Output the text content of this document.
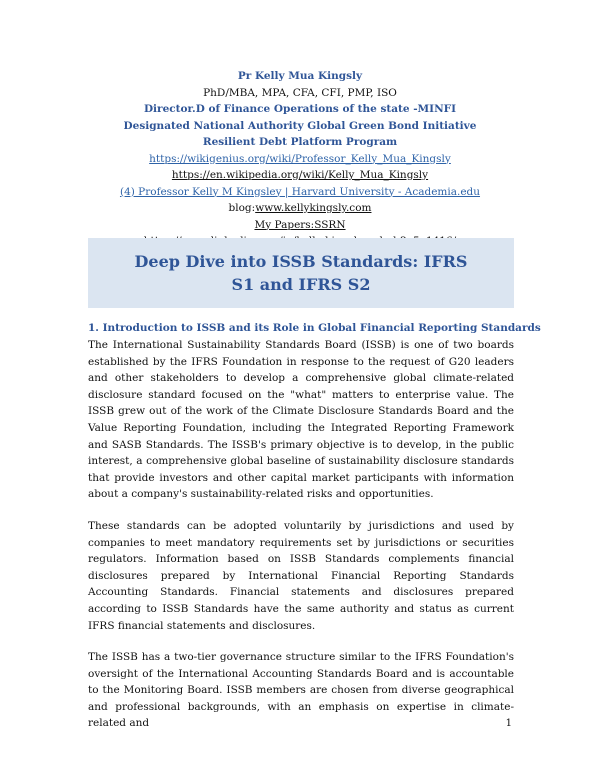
Pr Kelly Mua Kingsly
PhD/MBA, MPA, CFA, CFI, PMP, ISO
Director.D of Finance Operations of the state -MINFI
Designated National Authority Global Green Bond Initiative
Resilient Debt Platform Program
https://wikigenius.org/wiki/Professor_Kelly_Mua_Kingsly
https://en.wikipedia.org/wiki/Kelly_Mua_Kingsly
(4) Professor Kelly M Kingsley | Harvard University - Academia.edu
blog:www.kellykingsly.com
My Papers:SSRN
Deep Dive into ISSB Standards: IFRS S1 and IFRS S2

1. Introduction to ISSB and its Role in Global Financial Reporting Standards

The International Sustainability Standards Board (ISSB) is one of two boards established by the IFRS Foundation in response to the request of G20 leaders and other stakeholders to develop a comprehensive global climate-related disclosure standard focused on the "what" matters to enterprise value. The ISSB grew out of the work of the Climate Disclosure Standards Board and the Value Reporting Foundation, including the Integrated Reporting Framework and SASB Standards. The ISSB's primary objective is to develop, in the public interest, a comprehensive global baseline of sustainability disclosure standards that provide investors and other capital market participants with information about a company's sustainability-related risks and opportunities.

These standards can be adopted voluntarily by jurisdictions and used by companies to meet mandatory requirements set by jurisdictions or securities regulators. Information based on ISSB Standards complements financial disclosures prepared by International Financial Reporting Standards Accounting Standards. Financial statements and disclosures prepared according to ISSB Standards have the same authority and status as current IFRS financial statements and disclosures.

The ISSB has a two-tier governance structure similar to the IFRS Foundation's oversight of the International Accounting Standards Board and is accountable to the Monitoring Board. ISSB members are chosen from diverse geographical and professional backgrounds, with an emphasis on expertise in climate-related and	1
